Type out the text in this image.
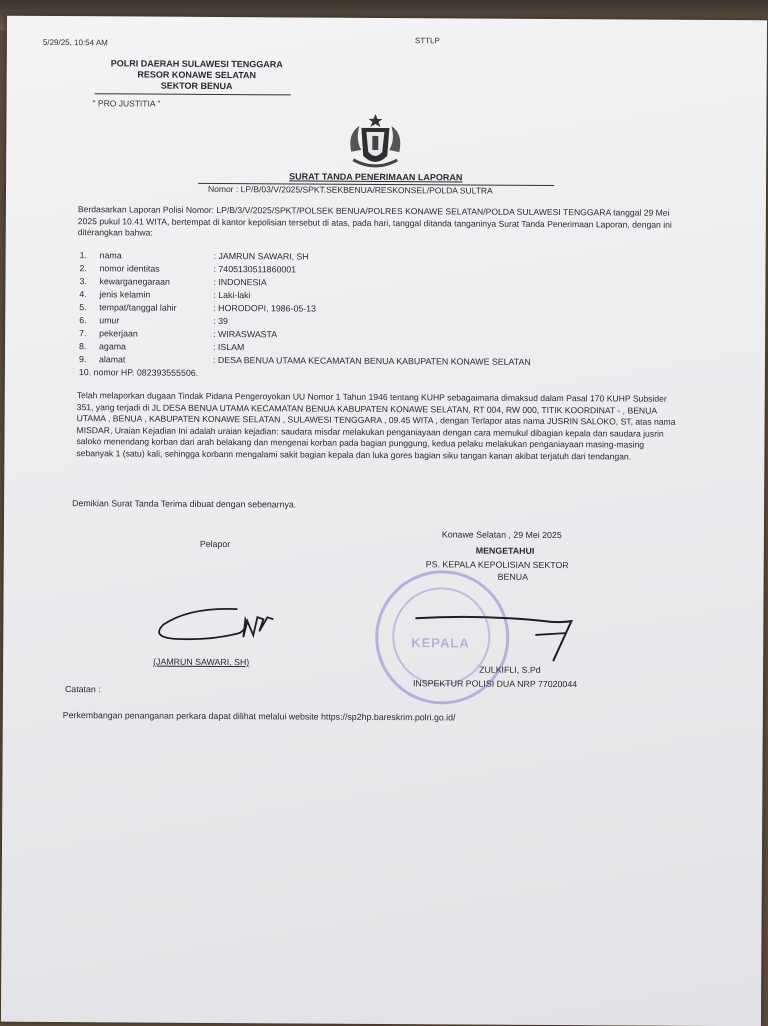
5/29/25, 10:54 AM	STTLP
POLRI DAERAH SULAWESI TENGGARA
RESOR KONAWE SELATAN
SEKTOR BENUA
" PRO JUSTITIA "
SURAT TANDA PENERIMAAN LAPORAN
Nomor : LP/B/03/V/2025/SPKT.SEKBENUA/RESKONSEL/POLDA SULTRA
Berdasarkan Laporan Polisi Nomor: LP/B/3/V/2025/SPKT/POLSEK BENUA/POLRES KONAWE SELATAN/POLDA SULAWESI TENGGARA tanggal 29 Mei 2025 pukul 10.41 WITA, bertempat di kantor kepolisian tersebut di atas, pada hari, tanggal ditanda tanganinya Surat Tanda Penerimaan Laporan, dengan ini diterangkan bahwa:
1.	nama	: JAMRUN SAWARI, SH
2.	nomor identitas	: 7405130511860001
3.	kewarganegaraan	: INDONESIA
4.	jenis kelamin	: Laki-laki
5.	tempat/tanggal lahir	: HORODOPI, 1986-05-13
6.	umur	: 39
7.	pekerjaan	: WIRASWASTA
8.	agama	: ISLAM
9.	alamat	: DESA BENUA UTAMA KECAMATAN BENUA KABUPATEN KONAWE SELATAN
10. nomor HP. 082393555506.
Telah melaporkan dugaan Tindak Pidana Pengeroyokan UU Nomor 1 Tahun 1946 tentang KUHP sebagaimana dimaksud dalam Pasal 170 KUHP Subsider 351, yang terjadi di JL DESA BENUA UTAMA KECAMATAN BENUA KABUPATEN KONAWE SELATAN, RT 004, RW 000, TITIK KOORDINAT - , BENUA UTAMA , BENUA , KABUPATEN KONAWE SELATAN , SULAWESI TENGGARA , 09.45 WITA , dengan Terlapor atas nama JUSRIN SALOKO, ST, atas nama MISDAR, Uraian Kejadian Ini adalah uraian kejadian: saudara misdar melakukan penganiayaan dengan cara memukul dibagian kepala dan saudara jusrin saloko menendang korban dari arah belakang dan mengenai korban pada bagian punggung, kedua pelaku melakukan penganiayaan masing-masing sebanyak 1 (satu) kali, sehingga korbann mengalami sakit bagian kepala dan luka gores bagian siku tangan kanan akibat terjatuh dari tendangan.
Demikian Surat Tanda Terima dibuat dengan sebenarnya.
Konawe Selatan , 29 Mei 2025
Pelapor
MENGETAHUI
PS. KEPALA KEPOLISIAN SEKTOR
BENUA
KEPALA
(JAMRUN SAWARI, SH)
ZULKIFLI, S.Pd
INSPEKTUR POLISI DUA NRP 77020044
Catatan :
Perkembangan penanganan perkara dapat dilihat melalui website https://sp2hp.bareskrim.polri.go.id/
